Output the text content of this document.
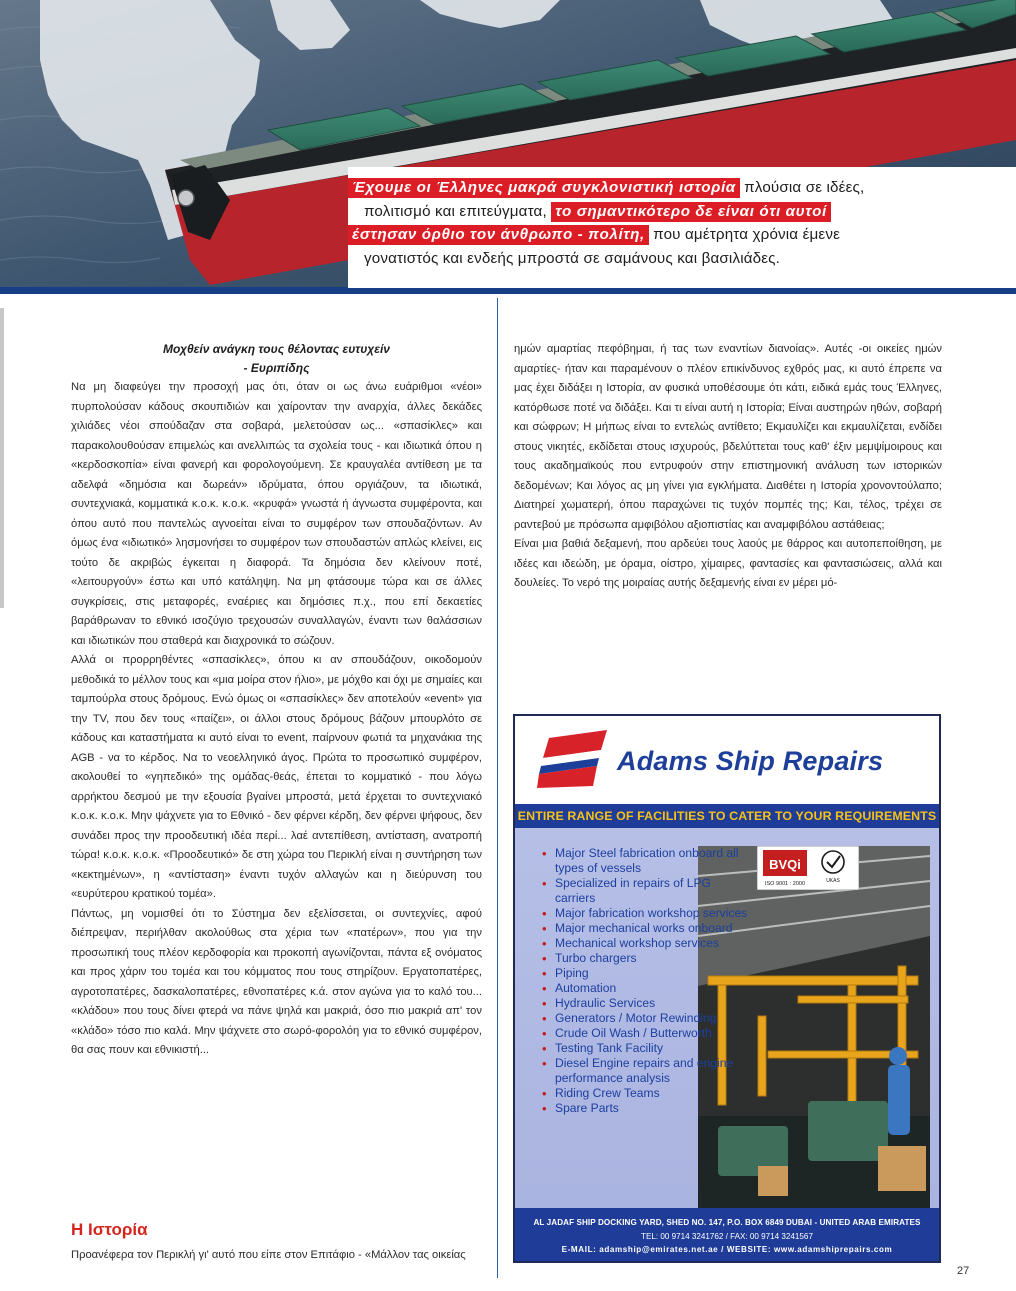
Έχουμε οι Έλληνες μακρά συγκλονιστική ιστορία πλούσια σε ιδέες,
πολιτισμό και επιτεύγματα, το σημαντικότερο δε είναι ότι αυτοί
έστησαν όρθιο τον άνθρωπο - πολίτη, που αμέτρητα χρόνια έμενε
γονατιστός και ενδεής μπροστά σε σαμάνους και βασιλιάδες.
Μοχθείν ανάγκη τους θέλοντας ευτυχείν
- Ευριπίδης

Να μη διαφεύγει την προσοχή μας ότι, όταν οι ως άνω ευάριθμοι «νέοι» πυρπολούσαν κάδους σκουπιδιών και χαίρονταν την αναρχία, άλλες δεκάδες χιλιάδες νέοι σπούδαζαν στα σοβαρά, μελετούσαν ως... «σπασίκλες» και παρακολουθούσαν επιμελώς και ανελλιπώς τα σχολεία τους - και ιδιωτικά όπου η «κερδοσκοπία» είναι φανερή και φορολογούμενη. Σε κραυγαλέα αντίθεση με τα αδελφά «δημόσια και δωρεάν» ιδρύματα, όπου οργιάζουν, τα ιδιωτικά, συντεχνιακά, κομματικά κ.ο.κ. κ.ο.κ. «κρυφά» γνωστά ή άγνωστα συμφέροντα, και όπου αυτό που παντελώς αγνοείται είναι το συμφέρον των σπουδαζόντων. Αν όμως ένα «ιδιωτικό» λησμονήσει το συμφέρον των σπουδαστών απλώς κλείνει, εις τούτο δε ακριβώς έγκειται η διαφορά. Τα δημόσια δεν κλείνουν ποτέ, «λειτουργούν» έστω και υπό κατάληψη. Να μη φτάσουμε τώρα και σε άλλες συγκρίσεις, στις μεταφορές, εναέριες και δημόσιες π.χ., που επί δεκαετίες βαράθρωναν το εθνικό ισοζύγιο τρεχουσών συναλλαγών, έναντι των θαλάσσιων και ιδιωτικών που σταθερά και διαχρονικά το σώζουν.

Αλλά οι προρρηθέντες «σπασίκλες», όπου κι αν σπουδάζουν, οικοδομούν μεθοδικά το μέλλον τους και «μια μοίρα στον ήλιο», με μόχθο και όχι με σημαίες και ταμπούρλα στους δρόμους. Ενώ όμως οι «σπασίκλες» δεν αποτελούν «event» για την TV, που δεν τους «παίζει», οι άλλοι στους δρόμους βάζουν μπουρλότο σε κάδους και καταστήματα κι αυτό είναι το event, παίρνουν φωτιά τα μηχανάκια της AGB - να το κέρδος. Να το νεοελληνικό άγος. Πρώτα το προσωπικό συμφέρον, ακολουθεί το «γηπεδικό» της ομάδας-θεάς, έπεται το κομματικό - που λόγω αρρήκτου δεσμού με την εξουσία βγαίνει μπροστά, μετά έρχεται το συντεχνιακό κ.ο.κ. κ.ο.κ. Μην ψάχνετε για το Εθνικό - δεν φέρνει κέρδη, δεν φέρνει ψήφους, δεν συνάδει προς την προοδευτική ιδέα περί... λαέ αντεπίθεση, αντίσταση, ανατροπή τώρα! κ.ο.κ. κ.ο.κ. «Προοδευτικό» δε στη χώρα του Περικλή είναι η συντήρηση των «κεκτημένων», η «αντίσταση» έναντι τυχόν αλλαγών και η διεύρυνση του «ευρύτερου κρατικού τομέα».

Πάντως, μη νομισθεί ότι το Σύστημα δεν εξελίσσεται, οι συντεχνίες, αφού διέπρεψαν, περιήλθαν ακολούθως στα χέρια των «πατέρων», που για την προσωπική τους πλέον κερδοφορία και προκοπή αγωνίζονται, πάντα εξ ονόματος και προς χάριν του τομέα και του κόμματος που τους στηρίζουν. Εργατοπατέρες, αγροτοπατέρες, δασκαλοπατέρες, εθνοπατέρες κ.ά. στον αγώνα για το καλό του... «κλάδου» που τους δίνει φτερά να πάνε ψηλά και μακριά, όσο πιο μακριά απ' τον «κλάδο» τόσο πιο καλά. Μην ψάχνετε στο σωρό-φορολόη για το εθνικό συμφέρον, θα σας πουν και εθνικιστή...

Η Ιστορία
Προανέφερα τον Περικλή γι' αυτό που είπε στον Επιτάφιο - «Μάλλον τας οικείας

ημών αμαρτίας πεφόβημαι, ή τας των εναντίων διανοίας». Αυτές -οι οικείες ημών αμαρτίες- ήταν και παραμένουν ο πλέον επικίνδυνος εχθρός μας, κι αυτό έπρεπε να μας έχει διδάξει η Ιστορία, αν φυσικά υποθέσουμε ότι κάτι, ειδικά εμάς τους Έλληνες, κατόρθωσε ποτέ να διδάξει. Και τι είναι αυτή η Ιστορία; Είναι αυστηρών ηθών, σοβαρή και σώφρων; Η μήπως είναι το εντελώς αντίθετο; Εκμαυλίζει και εκμαυλίζεται, ενδίδει στους νικητές, εκδίδεται στους ισχυρούς, βδελύττεται τους καθ' έξιν μεμψίμοιρους και τους ακαδημαϊκούς που εντρυφούν στην επιστημονική ανάλυση των ιστορικών δεδομένων; Και λόγος ας μη γίνει για εγκλήματα. Διαθέτει η Ιστορία χρονοντούλαπο; Διατηρεί χωματερή, όπου παραχώνει τις τυχόν πομπές της; Και, τέλος, τρέχει σε ραντεβού με πρόσωπα αμφιβόλου αξιοπιστίας και αναμφιβόλου αστάθειας;

Είναι μια βαθιά δεξαμενή, που αρδεύει τους λαούς με θάρρος και αυτοπεποίθηση, με ιδέες και ιδεώδη, με όραμα, οίστρο, χίμαιρες, φαντασίες και φαντασιώσεις, αλλά και δουλείες. Το νερό της μοιραίας αυτής δεξαμενής είναι εν μέρει μό-

Adams Ship Repairs
ENTIRE RANGE OF FACILITIES TO CATER TO YOUR REQUIREMENTS
BVQi
UKAS
ISO 9001 : 2000
• Major Steel fabrication onboard all types of vessels
• Specialized in repairs of LPG carriers
• Major fabrication workshop services
• Major mechanical works onboard
• Mechanical workshop services
• Turbo chargers
• Piping
• Automation
• Hydraulic Services
• Generators / Motor Rewinding
• Crude Oil Wash / Butterworth
• Testing Tank Facility
• Diesel Engine repairs and engine performance analysis
• Riding Crew Teams
• Spare Parts
AL JADAF SHIP DOCKING YARD, SHED NO. 147, P.O. BOX 6849 DUBAI - UNITED ARAB EMIRATES
TEL: 00 9714 3241762 / FAX: 00 9714 3241567
E-MAIL: adamship@emirates.net.ae / WEBSITE: www.adamshiprepairs.com
27
